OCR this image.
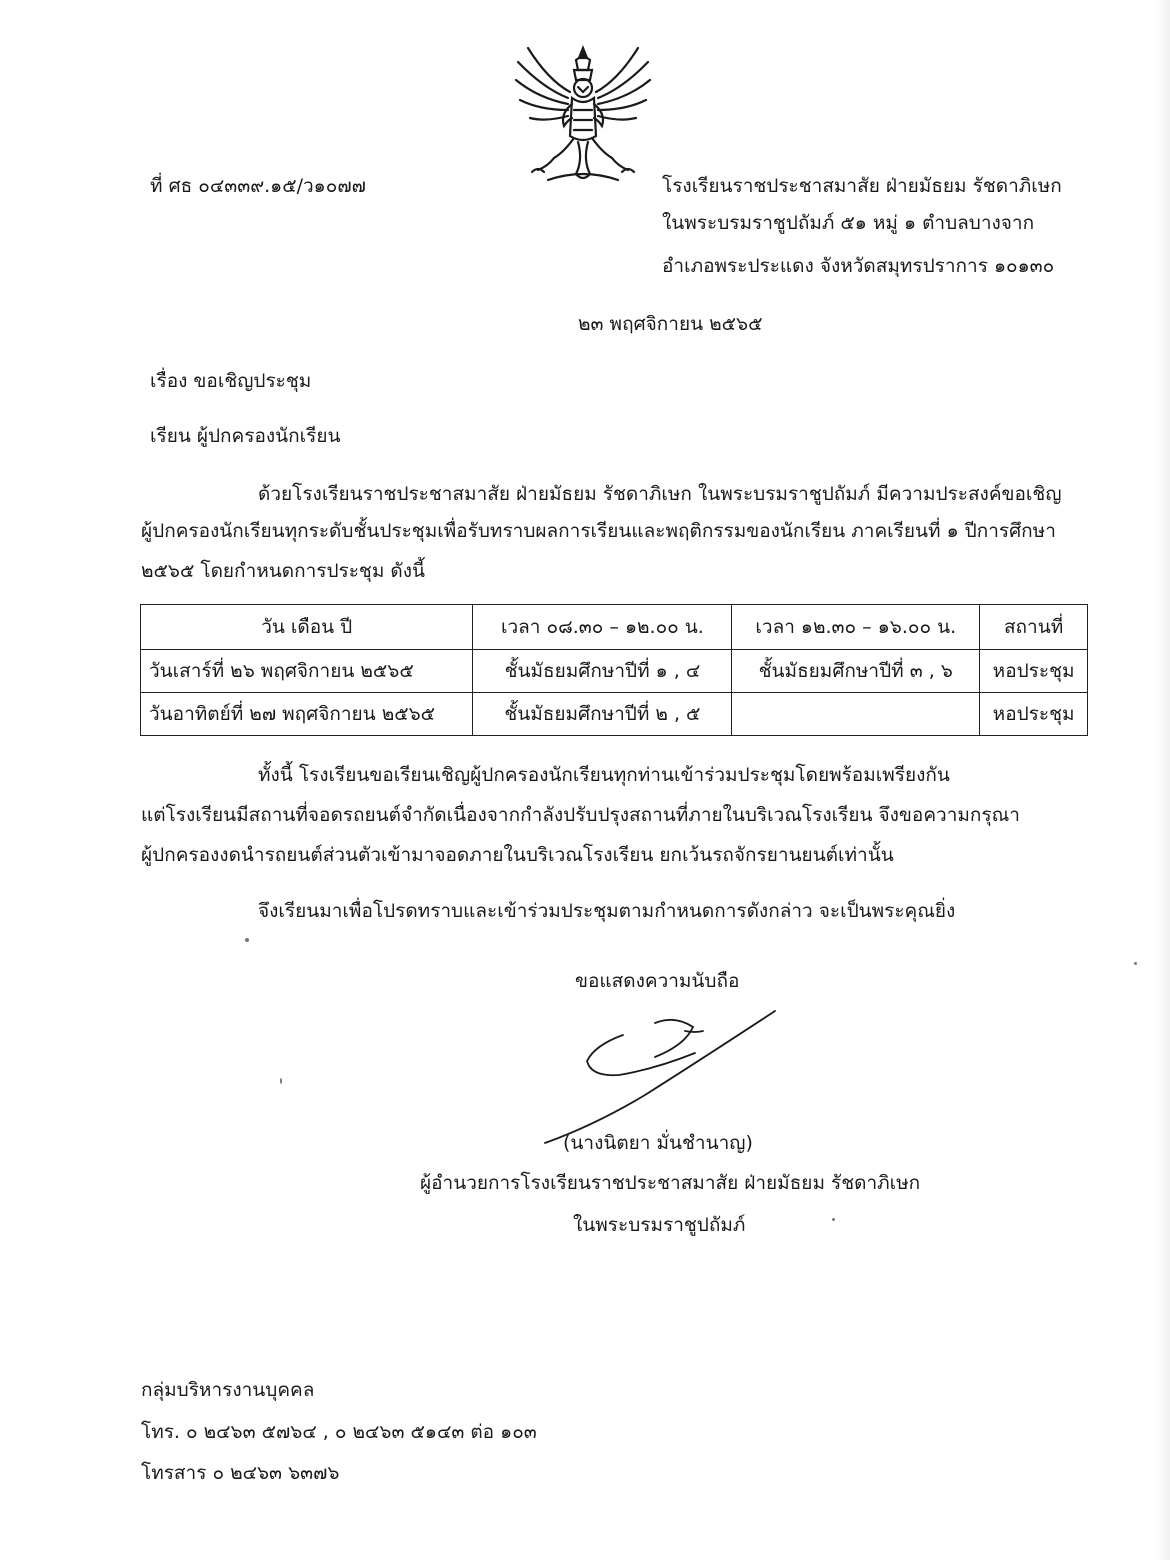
ที่ ศธ ๐๔๓๓๙.๑๕/ว๑๐๗๗	โรงเรียนราชประชาสมาสัย ฝ่ายมัธยม รัชดาภิเษก
ในพระบรมราชูปถัมภ์ ๕๑ หมู่ ๑ ตำบลบางจาก
อำเภอพระประแดง จังหวัดสมุทรปราการ ๑๐๑๓๐
๒๓ พฤศจิกายน ๒๕๖๕
เรื่อง ขอเชิญประชุม
เรียน ผู้ปกครองนักเรียน
ด้วยโรงเรียนราชประชาสมาสัย ฝ่ายมัธยม รัชดาภิเษก ในพระบรมราชูปถัมภ์ มีความประสงค์ขอเชิญ
ผู้ปกครองนักเรียนทุกระดับชั้นประชุมเพื่อรับทราบผลการเรียนและพฤติกรรมของนักเรียน ภาคเรียนที่ ๑ ปีการศึกษา
๒๕๖๕ โดยกำหนดการประชุม ดังนี้
วัน เดือน ปี	เวลา ๐๘.๓๐ – ๑๒.๐๐ น.	เวลา ๑๒.๓๐ – ๑๖.๐๐ น.	สถานที่
วันเสาร์ที่ ๒๖ พฤศจิกายน ๒๕๖๕	ชั้นมัธยมศึกษาปีที่ ๑ , ๔	ชั้นมัธยมศึกษาปีที่ ๓ , ๖	หอประชุม
วันอาทิตย์ที่ ๒๗ พฤศจิกายน ๒๕๖๕	ชั้นมัธยมศึกษาปีที่ ๒ , ๕		หอประชุม
ทั้งนี้ โรงเรียนขอเรียนเชิญผู้ปกครองนักเรียนทุกท่านเข้าร่วมประชุมโดยพร้อมเพรียงกัน
แต่โรงเรียนมีสถานที่จอดรถยนต์จำกัดเนื่องจากกำลังปรับปรุงสถานที่ภายในบริเวณโรงเรียน จึงขอความกรุณา
ผู้ปกครองงดนำรถยนต์ส่วนตัวเข้ามาจอดภายในบริเวณโรงเรียน ยกเว้นรถจักรยานยนต์เท่านั้น
จึงเรียนมาเพื่อโปรดทราบและเข้าร่วมประชุมตามกำหนดการดังกล่าว จะเป็นพระคุณยิ่ง
ขอแสดงความนับถือ
(นางนิตยา มั่นชำนาญ)
ผู้อำนวยการโรงเรียนราชประชาสมาสัย ฝ่ายมัธยม รัชดาภิเษก
ในพระบรมราชูปถัมภ์
กลุ่มบริหารงานบุคคล
โทร. ๐ ๒๔๖๓ ๕๗๖๔ , ๐ ๒๔๖๓ ๕๑๔๓ ต่อ ๑๐๓
โทรสาร ๐ ๒๔๖๓ ๖๓๗๖
